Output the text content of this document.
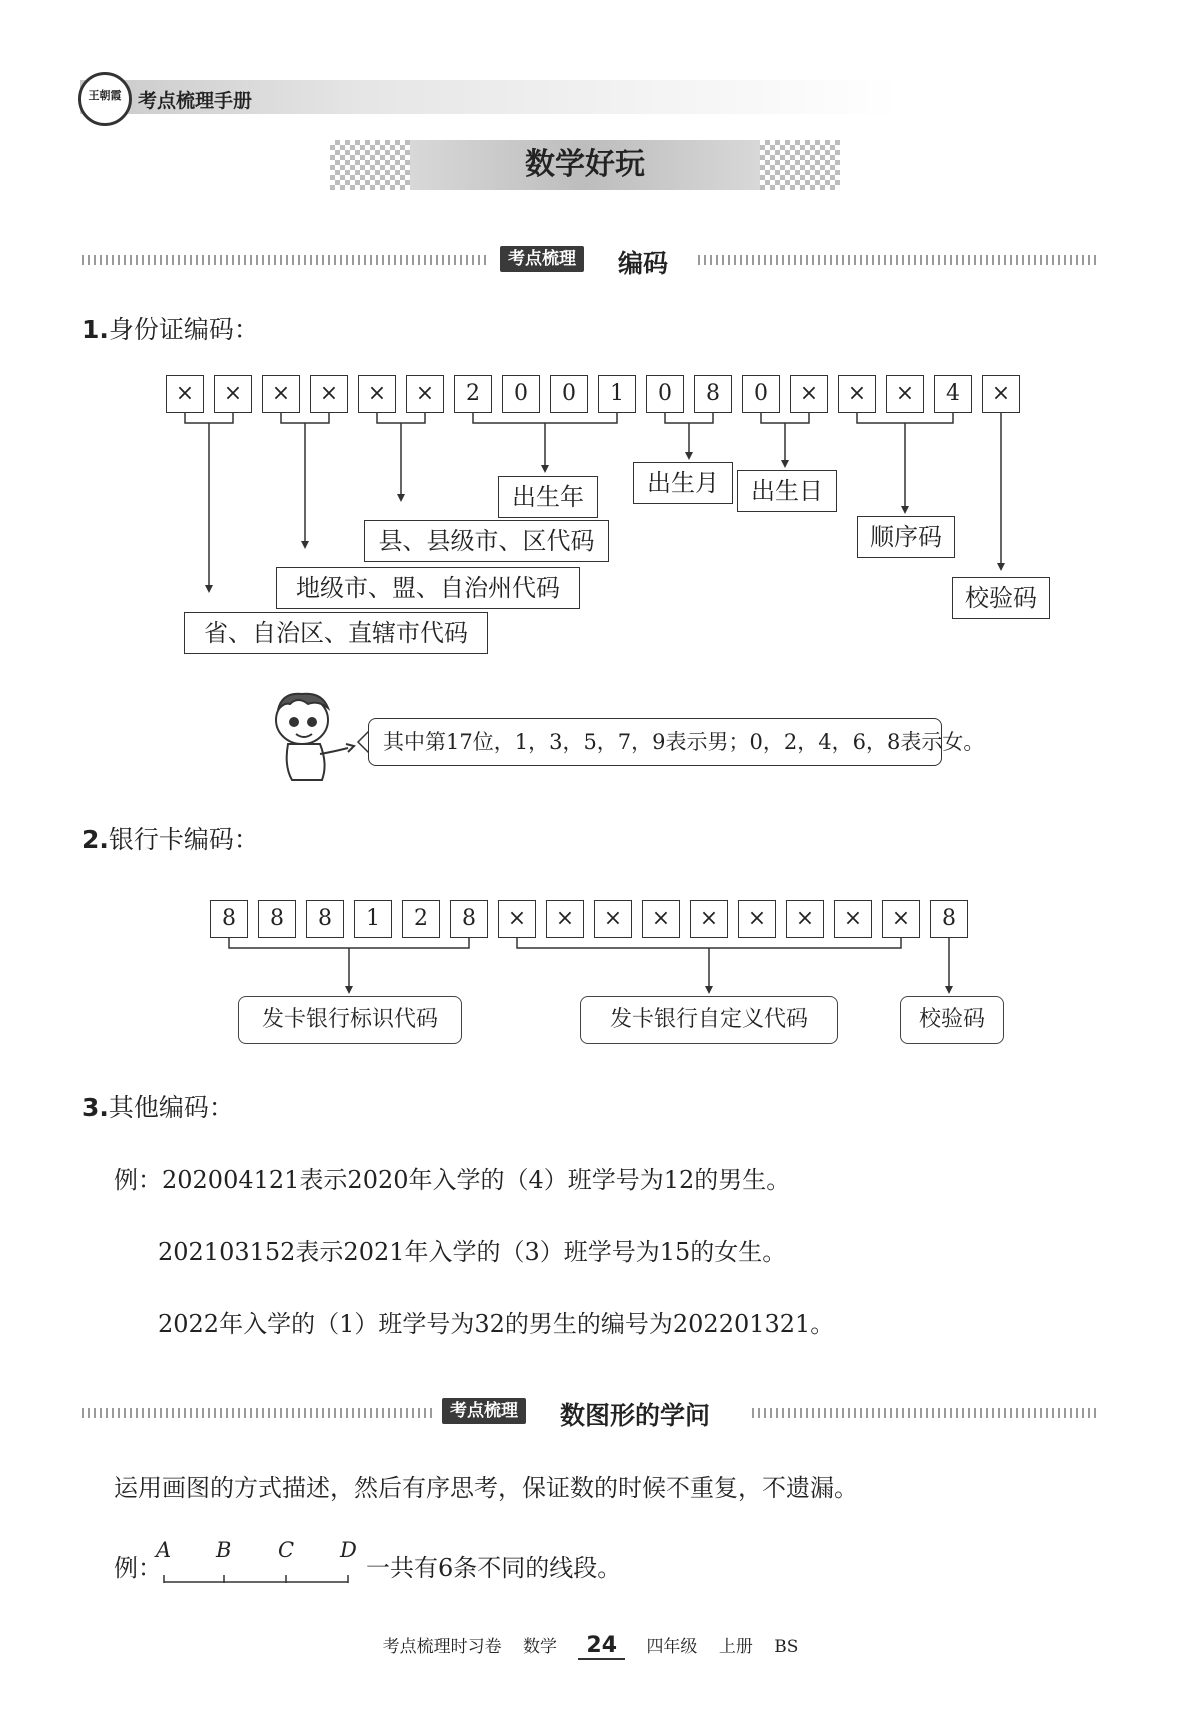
王朝霞 考点梳理手册
数学好玩
考点梳理	编码
1.身份证编码：
×	×	×	×	×	×	2	0	0	1	0	8	0	×	×	×	4	×
省、自治区、直辖市代码
地级市、盟、自治州代码
县、县级市、区代码
出生年	出生月	出生日
顺序码
校验码
其中第17位，1，3，5，7，9表示男；0，2，4，6，8表示女。
2.银行卡编码：
8	8	8	1	2	8	×	×	×	×	×	×	×	×	×	8
发卡银行标识代码	发卡银行自定义代码	校验码
3.其他编码：
例：202004121表示2020年入学的（4）班学号为12的男生。
202103152表示2021年入学的（3）班学号为15的女生。
2022年入学的（1）班学号为32的男生的编号为202201321。
考点梳理	数图形的学问
运用画图的方式描述，然后有序思考，保证数的时候不重复，不遗漏。
例：
A B C D
一共有6条不同的线段。
考点梳理时习卷 数学 24 四年级 上册 BS
